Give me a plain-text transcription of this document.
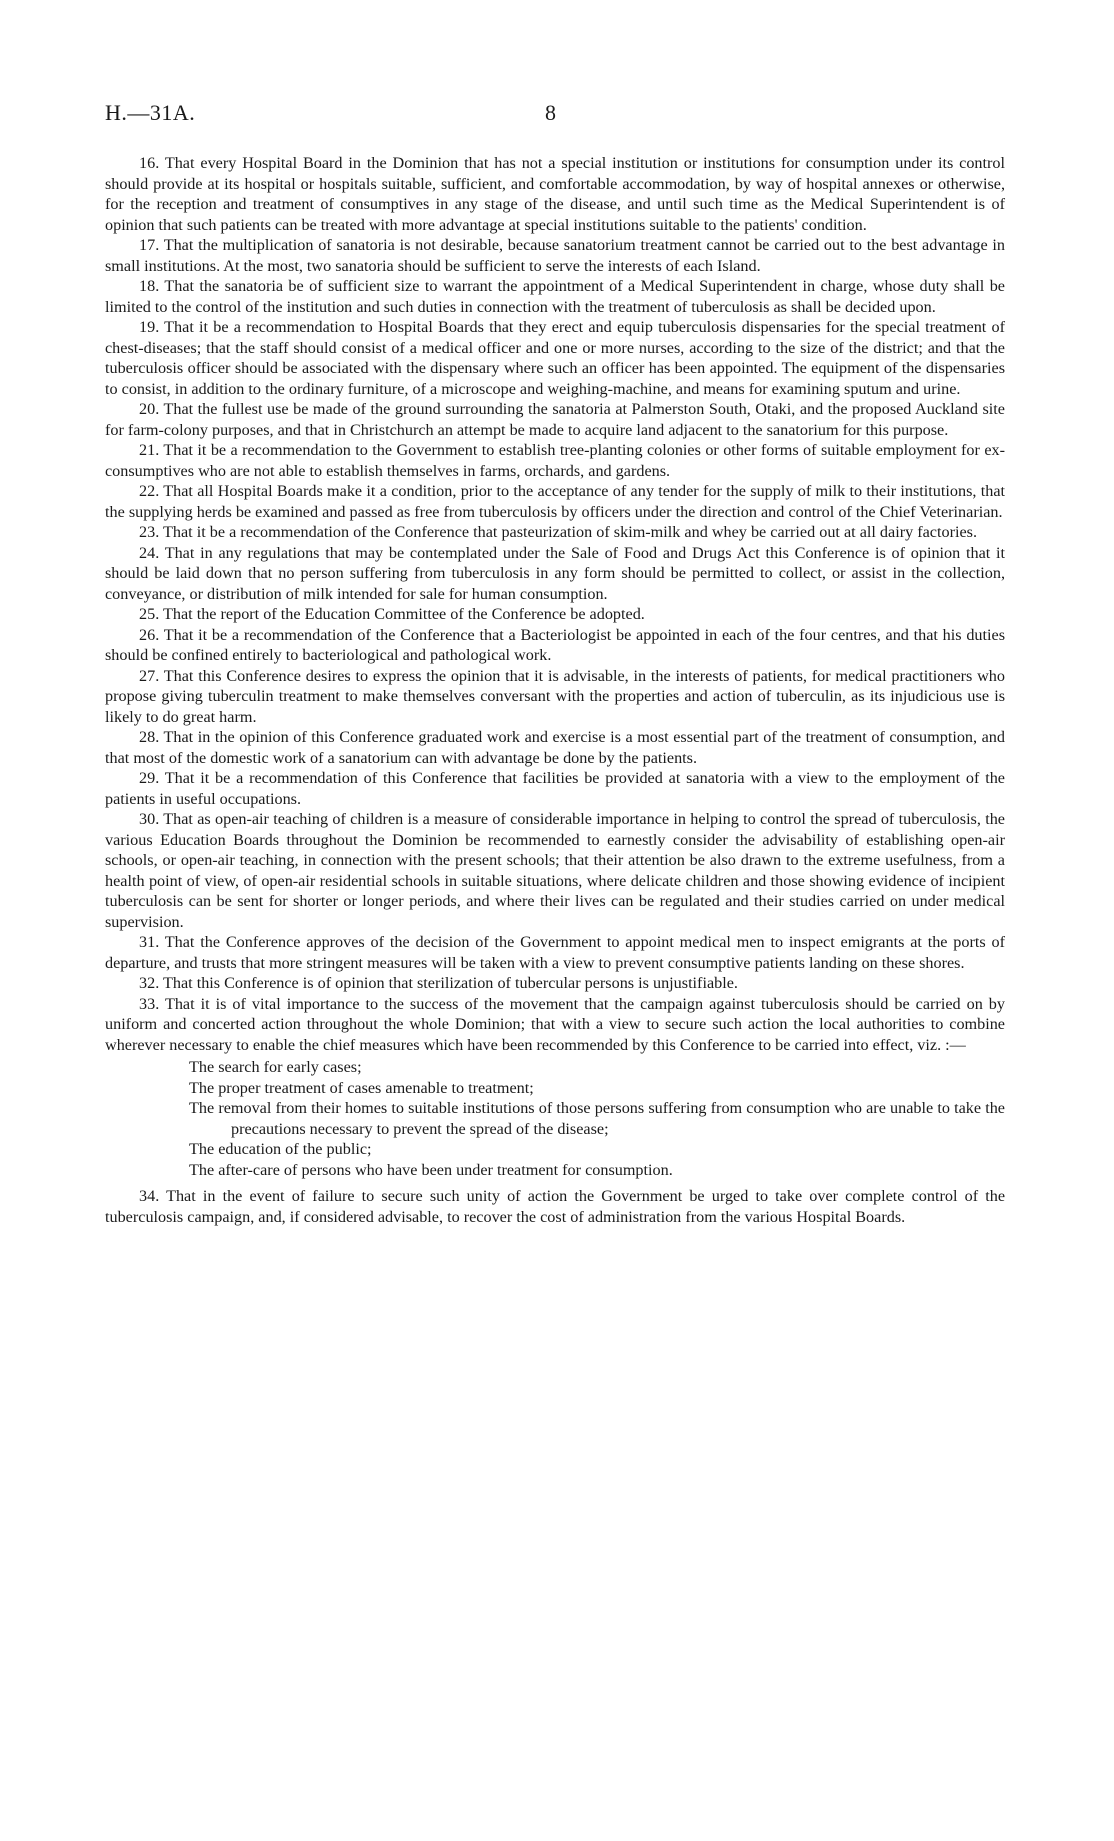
H.—31A.	8

16. That every Hospital Board in the Dominion that has not a special institution or institutions for consumption under its control should provide at its hospital or hospitals suitable, sufficient, and comfortable accommodation, by way of hospital annexes or otherwise, for the reception and treatment of consumptives in any stage of the disease, and until such time as the Medical Superintendent is of opinion that such patients can be treated with more advantage at special institutions suitable to the patients' condition.

17. That the multiplication of sanatoria is not desirable, because sanatorium treatment cannot be carried out to the best advantage in small institutions. At the most, two sanatoria should be sufficient to serve the interests of each Island.

18. That the sanatoria be of sufficient size to warrant the appointment of a Medical Superintendent in charge, whose duty shall be limited to the control of the institution and such duties in connection with the treatment of tuberculosis as shall be decided upon.

19. That it be a recommendation to Hospital Boards that they erect and equip tuberculosis dispensaries for the special treatment of chest-diseases; that the staff should consist of a medical officer and one or more nurses, according to the size of the district; and that the tuberculosis officer should be associated with the dispensary where such an officer has been appointed. The equipment of the dispensaries to consist, in addition to the ordinary furniture, of a microscope and weighing-machine, and means for examining sputum and urine.

20. That the fullest use be made of the ground surrounding the sanatoria at Palmerston South, Otaki, and the proposed Auckland site for farm-colony purposes, and that in Christchurch an attempt be made to acquire land adjacent to the sanatorium for this purpose.

21. That it be a recommendation to the Government to establish tree-planting colonies or other forms of suitable employment for ex-consumptives who are not able to establish themselves in farms, orchards, and gardens.

22. That all Hospital Boards make it a condition, prior to the acceptance of any tender for the supply of milk to their institutions, that the supplying herds be examined and passed as free from tuberculosis by officers under the direction and control of the Chief Veterinarian.

23. That it be a recommendation of the Conference that pasteurization of skim-milk and whey be carried out at all dairy factories.

24. That in any regulations that may be contemplated under the Sale of Food and Drugs Act this Conference is of opinion that it should be laid down that no person suffering from tuberculosis in any form should be permitted to collect, or assist in the collection, conveyance, or distribution of milk intended for sale for human consumption.

25. That the report of the Education Committee of the Conference be adopted.

26. That it be a recommendation of the Conference that a Bacteriologist be appointed in each of the four centres, and that his duties should be confined entirely to bacteriological and pathological work.

27. That this Conference desires to express the opinion that it is advisable, in the interests of patients, for medical practitioners who propose giving tuberculin treatment to make themselves conversant with the properties and action of tuberculin, as its injudicious use is likely to do great harm.

28. That in the opinion of this Conference graduated work and exercise is a most essential part of the treatment of consumption, and that most of the domestic work of a sanatorium can with advantage be done by the patients.

29. That it be a recommendation of this Conference that facilities be provided at sanatoria with a view to the employment of the patients in useful occupations.

30. That as open-air teaching of children is a measure of considerable importance in helping to control the spread of tuberculosis, the various Education Boards throughout the Dominion be recommended to earnestly consider the advisability of establishing open-air schools, or open-air teaching, in connection with the present schools; that their attention be also drawn to the extreme usefulness, from a health point of view, of open-air residential schools in suitable situations, where delicate children and those showing evidence of incipient tuberculosis can be sent for shorter or longer periods, and where their lives can be regulated and their studies carried on under medical supervision.

31. That the Conference approves of the decision of the Government to appoint medical men to inspect emigrants at the ports of departure, and trusts that more stringent measures will be taken with a view to prevent consumptive patients landing on these shores.

32. That this Conference is of opinion that sterilization of tubercular persons is unjustifiable.

33. That it is of vital importance to the success of the movement that the campaign against tuberculosis should be carried on by uniform and concerted action throughout the whole Dominion; that with a view to secure such action the local authorities to combine wherever necessary to enable the chief measures which have been recommended by this Conference to be carried into effect, viz. :—

The search for early cases;
The proper treatment of cases amenable to treatment;
The removal from their homes to suitable institutions of those persons suffering from consumption who are unable to take the precautions necessary to prevent the spread of the disease;
The education of the public;
The after-care of persons who have been under treatment for consumption.

34. That in the event of failure to secure such unity of action the Government be urged to take over complete control of the tuberculosis campaign, and, if considered advisable, to recover the cost of administration from the various Hospital Boards.
